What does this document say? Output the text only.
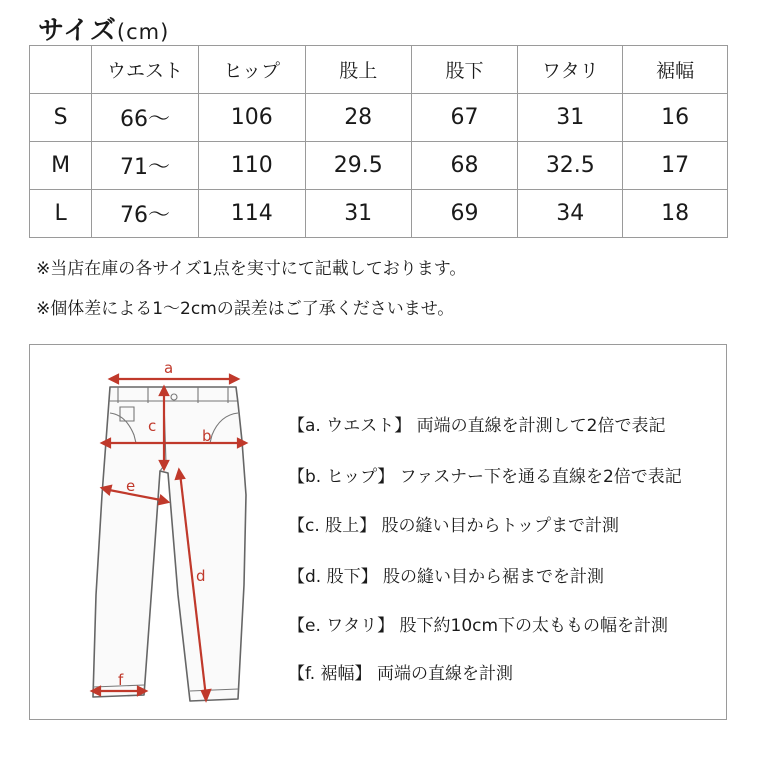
サイズ(cm)
	ウエスト	ヒップ	股上	股下	ワタリ	裾幅
S	66～	106	28	67	31	16
M	71～	110	29.5	68	32.5	17
L	76～	114	31	69	34	18
※当店在庫の各サイズ1点を実寸にて記載しております。
※個体差による1～2cmの誤差はご了承くださいませ。
a
b
c
d
e
f
【a. ウエスト】 両端の直線を計測して2倍で表記
【b. ヒップ】 ファスナー下を通る直線を2倍で表記
【c. 股上】 股の縫い目からトップまで計測
【d. 股下】 股の縫い目から裾までを計測
【e. ワタリ】 股下約10cm下の太ももの幅を計測
【f. 裾幅】 両端の直線を計測
